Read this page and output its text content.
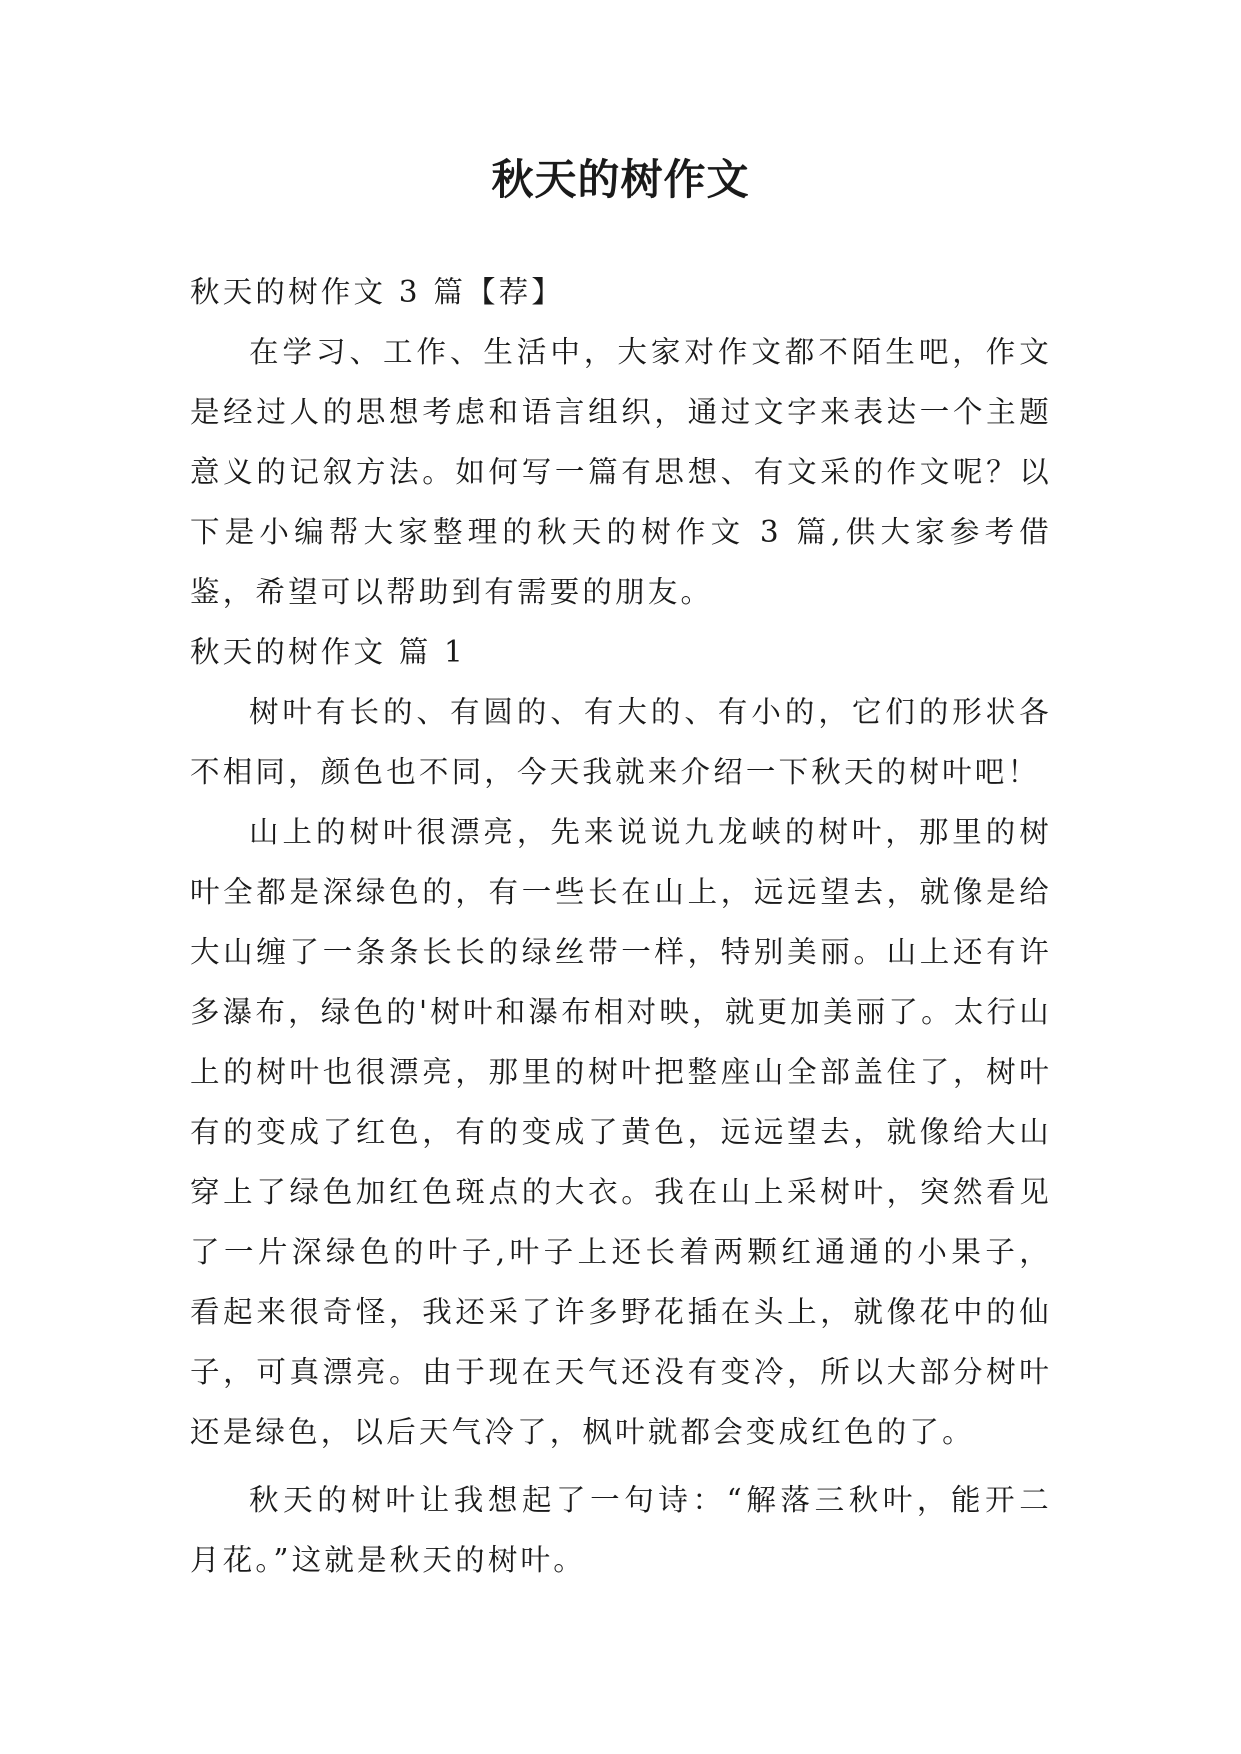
秋天的树作文

秋天的树作文 3 篇【荐】

在学习、工作、生活中，大家对作文都不陌生吧，作文是经过人的思想考虑和语言组织，通过文字来表达一个主题意义的记叙方法。如何写一篇有思想、有文采的作文呢？以下是小编帮大家整理的秋天的树作文 3 篇,供大家参考借鉴，希望可以帮助到有需要的朋友。

秋天的树作文 篇 1

树叶有长的、有圆的、有大的、有小的，它们的形状各不相同，颜色也不同，今天我就来介绍一下秋天的树叶吧！

山上的树叶很漂亮，先来说说九龙峡的树叶，那里的树叶全都是深绿色的，有一些长在山上，远远望去，就像是给大山缠了一条条长长的绿丝带一样，特别美丽。山上还有许多瀑布，绿色的'树叶和瀑布相对映，就更加美丽了。太行山上的树叶也很漂亮，那里的树叶把整座山全部盖住了，树叶有的变成了红色，有的变成了黄色，远远望去，就像给大山穿上了绿色加红色斑点的大衣。我在山上采树叶，突然看见了一片深绿色的叶子,叶子上还长着两颗红通通的小果子，看起来很奇怪，我还采了许多野花插在头上，就像花中的仙子，可真漂亮。由于现在天气还没有变冷，所以大部分树叶还是绿色，以后天气冷了，枫叶就都会变成红色的了。

秋天的树叶让我想起了一句诗：“解落三秋叶，能开二月花。”这就是秋天的树叶。
